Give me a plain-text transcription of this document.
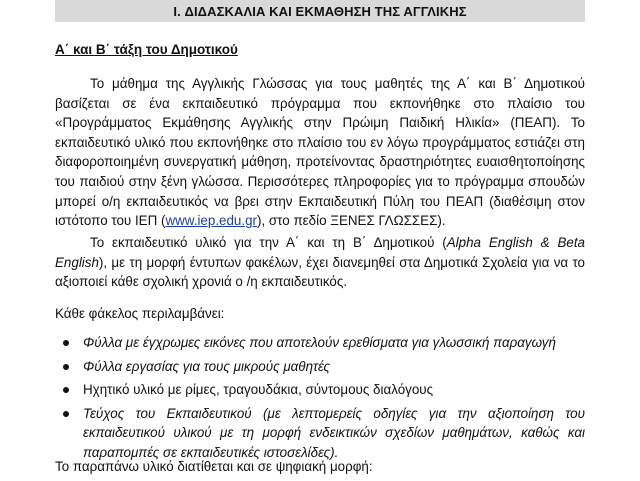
I. ΔΙΔΑΣΚΑΛΙΑ ΚΑΙ ΕΚΜΑΘΗΣΗ ΤΗΣ ΑΓΓΛΙΚΗΣ
Α΄ και Β΄ τάξη του Δημοτικού

Το μάθημα της Αγγλικής Γλώσσας για τους μαθητές της Α΄ και Β΄ Δημοτικού βασίζεται σε ένα εκπαιδευτικό πρόγραμμα που εκπονήθηκε στο πλαίσιο του «Προγράμματος Εκμάθησης Αγγλικής στην Πρώιμη Παιδική Ηλικία» (ΠΕΑΠ). Το εκπαιδευτικό υλικό που εκπονήθηκε στο πλαίσιο του εν λόγω προγράμματος εστιάζει στη διαφοροποιημένη συνεργατική μάθηση, προτείνοντας δραστηριότητες ευαισθητοποίησης του παιδιού στην ξένη γλώσσα. Περισσότερες πληροφορίες για το πρόγραμμα σπουδών μπορεί ο/η εκπαιδευτικός να βρει στην Εκπαιδευτική Πύλη του ΠΕΑΠ (διαθέσιμη στον ιστότοπο του ΙΕΠ (www.iep.edu.gr), στο πεδίο ΞΕΝΕΣ ΓΛΩΣΣΕΣ).

Το εκπαιδευτικό υλικό για την Α΄ και τη Β΄ Δημοτικού (Alpha English & Beta English), με τη μορφή έντυπων φακέλων, έχει διανεμηθεί στα Δημοτικά Σχολεία για να το αξιοποιεί κάθε σχολική χρονιά ο /η εκπαιδευτικός.

Κάθε φάκελος περιλαμβάνει:

Φύλλα με έγχρωμες εικόνες που αποτελούν ερεθίσματα για γλωσσική παραγωγή
Φύλλα εργασίας για τους μικρούς μαθητές
Ηχητικό υλικό με ρίμες, τραγουδάκια, σύντομους διαλόγους
Τεύχος του Εκπαιδευτικού (με λεπτομερείς οδηγίες για την αξιοποίηση του εκπαιδευτικού υλικού με τη μορφή ενδεικτικών σχεδίων μαθημάτων, καθώς και παραπομπές σε εκπαιδευτικές ιστοσελίδες).

Το παραπάνω υλικό διατίθεται και σε ψηφιακή μορφή:
